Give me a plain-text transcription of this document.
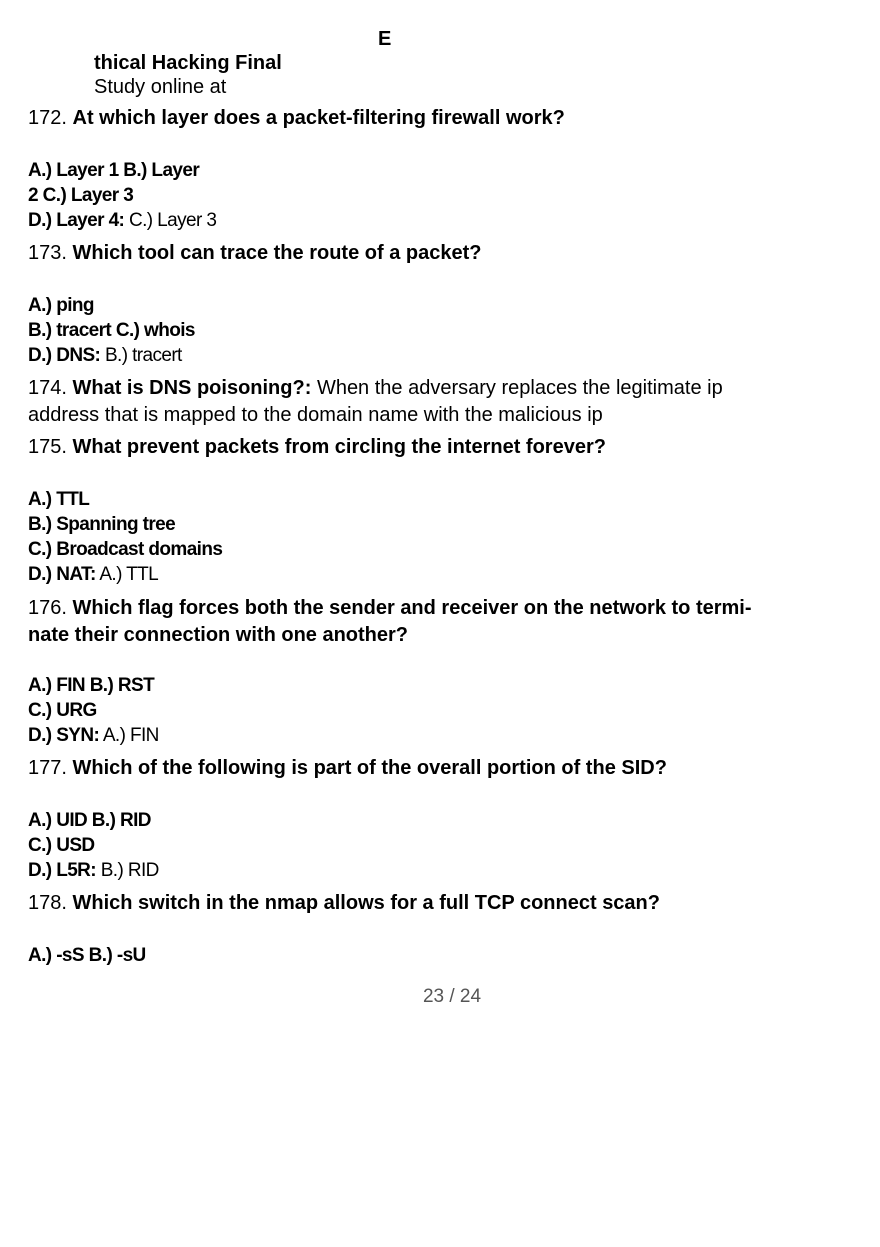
E
thical Hacking Final
Study online at
172. At which layer does a packet-filtering firewall work?
A.) Layer 1 B.) Layer
2 C.) Layer 3
D.) Layer 4: C.) Layer 3
173. Which tool can trace the route of a packet?
A.) ping
B.) tracert C.) whois
D.) DNS: B.) tracert
174. What is DNS poisoning?: When the adversary replaces the legitimate ip
address that is mapped to the domain name with the malicious ip
175. What prevent packets from circling the internet forever?
A.) TTL
B.) Spanning tree
C.) Broadcast domains
D.) NAT: A.) TTL
176. Which flag forces both the sender and receiver on the network to termi-
nate their connection with one another?
A.) FIN B.) RST
C.) URG
D.) SYN: A.) FIN
177. Which of the following is part of the overall portion of the SID?
A.) UID B.) RID
C.) USD
D.) L5R: B.) RID
178. Which switch in the nmap allows for a full TCP connect scan?
A.) -sS B.) -sU
23 / 24
